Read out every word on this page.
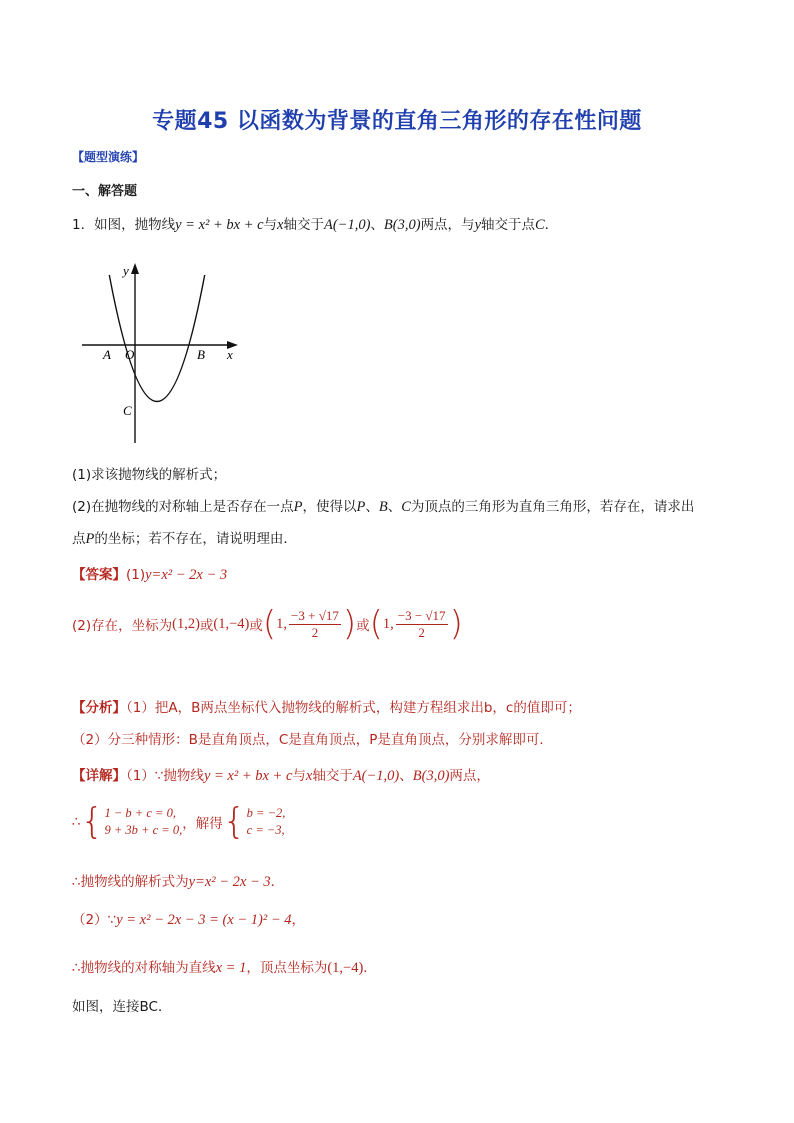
专题45 以函数为背景的直角三角形的存在性问题
【题型演练】
一、解答题
1．如图，抛物线y = x² + bx + c与x轴交于A(−1,0)、B(3,0)两点，与y轴交于点C．
y
x
A O	B
C
(1)求该抛物线的解析式；
(2)在抛物线的对称轴上是否存在一点P，使得以P、B、C为顶点的三角形为直角三角形，若存在，请求出
点P的坐标；若不存在，请说明理由．
【答案】(1)y=x² − 2x − 3
(2)存在，坐标为 (1,2) 或 (1,−4) 或 ( 1, $\frac{-3 + √17}{2}$ ) 或 ( 1, $\frac{-3 - √17}{2}$ )
【分析】（1）把A，B两点坐标代入抛物线的解析式，构建方程组求出b，c的值即可；
（2）分三种情形：B是直角顶点，C是直角顶点，P是直角顶点，分别求解即可．
【详解】（1）∵抛物线y = x² + bx + c与x轴交于A(−1,0)、B(3,0)两点，
∴ { 1 − b + c = 0,
9 + 3b + c = 0, ，解得 { b = −2,
c = −3,
∴抛物线的解析式为y=x² − 2x − 3．
（2）∵y = x² − 2x − 3 = (x − 1)² − 4，
∴抛物线的对称轴为直线x = 1，顶点坐标为(1,−4)．
如图，连接BC．
